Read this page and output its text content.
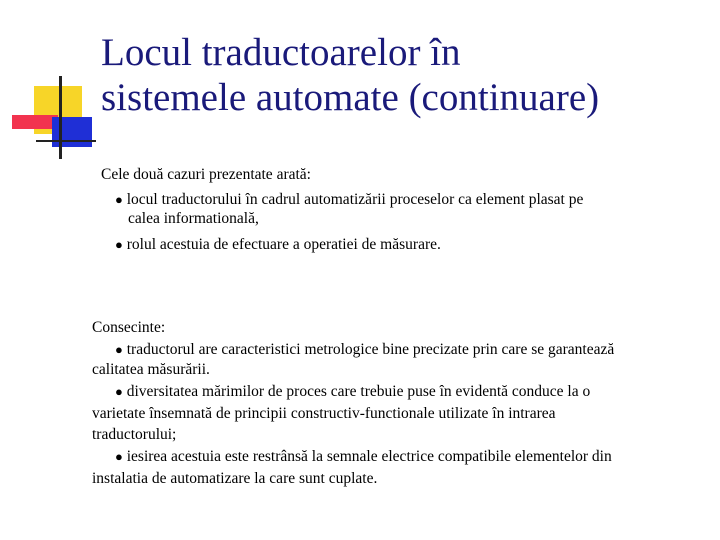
Locul traductoarelor în
sistemele automate (continuare)

Cele două cazuri prezentate arată:

● locul traductorului în cadrul automatizării proceselor ca element plasat pe

calea informatională,

● rolul acestuia de efectuare a operatiei de măsurare.

Consecinte:

● traductorul are caracteristici metrologice bine precizate prin care se garantează

calitatea măsurării.

● diversitatea mărimilor de proces care trebuie puse în evidentă conduce la o

varietate însemnată de principii constructiv-functionale utilizate în intrarea

traductorului;

● iesirea acestuia este restrânsă la semnale electrice compatibile elementelor din

instalatia de automatizare la care sunt cuplate.
